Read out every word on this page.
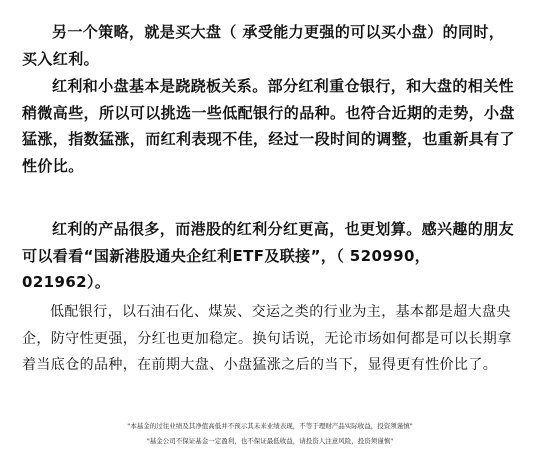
另一个策略，就是买大盘（ 承受能力更强的可以买小盘）的同时，买入红利。

红利和小盘基本是跷跷板关系。部分红利重仓银行，和大盘的相关性稍微高些，所以可以挑选一些低配银行的品种。也符合近期的走势，小盘猛涨，指数猛涨，而红利表现不佳，经过一段时间的调整，也重新具有了性价比。

红利的产品很多，而港股的红利分红更高，也更划算。感兴趣的朋友可以看看“国新港股通央企红利ETF及联接”，（ 520990，021962）。

低配银行，以石油石化、煤炭、交运之类的行业为主，基本都是超大盘央企，防守性更强，分红也更加稳定。换句话说，无论市场如何都是可以长期拿着当底仓的品种，在前期大盘、小盘猛涨之后的当下，显得更有性价比了。

"本基金的过往业绩及其净值高低并不预示其未来业绩表现，不等于理财产品实际收益，投资须谨慎"

"基金公司不保证基金一定盈利，也不保证最低收益，请投资人注意风险，投资须谨慎"
